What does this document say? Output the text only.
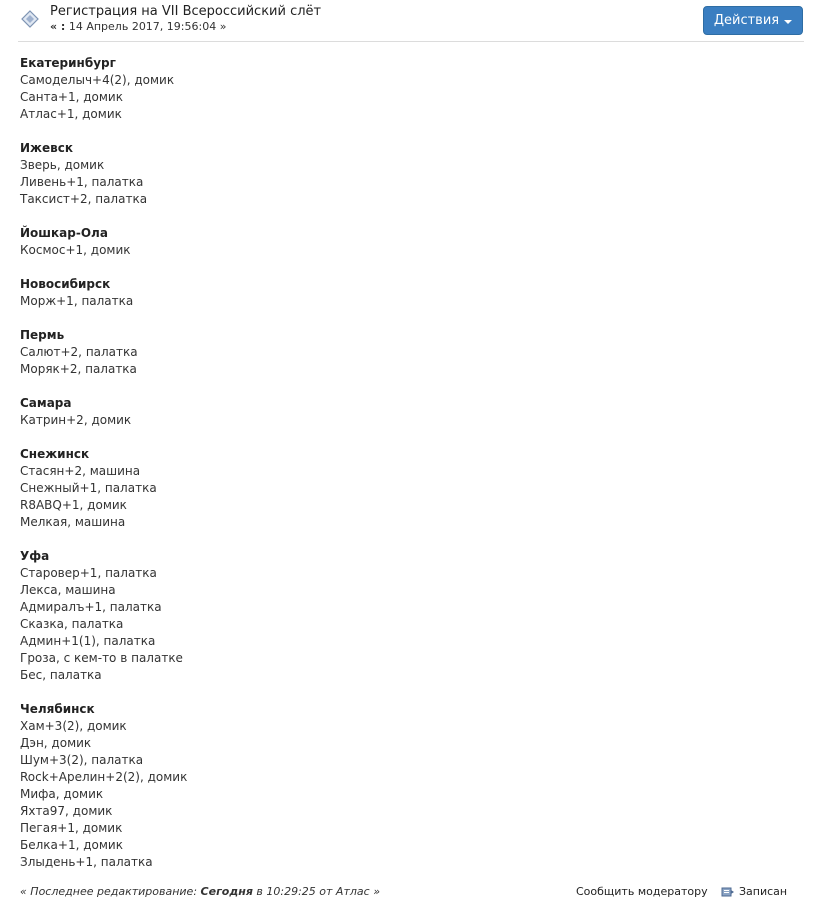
Регистрация на VII Всероссийский слёт
« : 14 Апрель 2017, 19:56:04 »	Действия
Екатеринбург
Самоделыч+4(2), домик
Санта+1, домик
Атлас+1, домик
Ижевск
Зверь, домик
Ливень+1, палатка
Таксист+2, палатка
Йошкар-Ола
Космос+1, домик
Новосибирск
Морж+1, палатка
Пермь
Салют+2, палатка
Моряк+2, палатка
Самара
Катрин+2, домик
Снежинск
Стасян+2, машина
Снежный+1, палатка
R8ABQ+1, домик
Мелкая, машина
Уфа
Старовер+1, палатка
Лекса, машина
Адмиралъ+1, палатка
Сказка, палатка
Админ+1(1), палатка
Гроза, с кем-то в палатке
Бес, палатка
Челябинск
Хам+3(2), домик
Дэн, домик
Шум+3(2), палатка
Rock+Арелин+2(2), домик
Мифа, домик
Яхта97, домик
Пегая+1, домик
Белка+1, домик
Злыдень+1, палатка
« Последнее редактирование: Сегодня в 10:29:25 от Атлас »	Сообщить модератору	Записан
